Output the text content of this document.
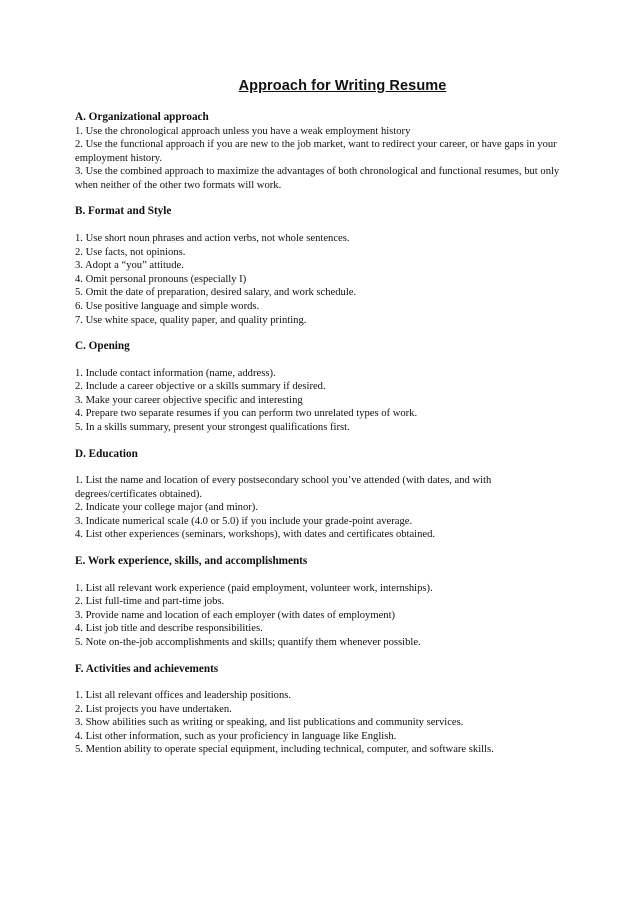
Approach for Writing Resume

A. Organizational approach

1. Use the chronological approach unless you have a weak employment history
2. Use the functional approach if you are new to the job market, want to redirect your career, or have gaps in your employment history.
3. Use the combined approach to maximize the advantages of both chronological and functional resumes, but only when neither of the other two formats will work.

B. Format and Style

1. Use short noun phrases and action verbs, not whole sentences.
2. Use facts, not opinions.
3. Adopt a “you” attitude.
4. Omit personal pronouns (especially I)
5. Omit the date of preparation, desired salary, and work schedule.
6. Use positive language and simple words.
7. Use white space, quality paper, and quality printing.

C. Opening

1. Include contact information (name, address).
2. Include a career objective or a skills summary if desired.
3. Make your career objective specific and interesting
4. Prepare two separate resumes if you can perform two unrelated types of work.
5. In a skills summary, present your strongest qualifications first.

D. Education

1. List the name and location of every postsecondary school you’ve attended (with dates, and with degrees/certificates obtained).
2. Indicate your college major (and minor).
3. Indicate numerical scale (4.0 or 5.0) if you include your grade-point average.
4. List other experiences (seminars, workshops), with dates and certificates obtained.

E. Work experience, skills, and accomplishments

1. List all relevant work experience (paid employment, volunteer work, internships).
2. List full-time and part-time jobs.
3. Provide name and location of each employer (with dates of employment)
4. List job title and describe responsibilities.
5. Note on-the-job accomplishments and skills; quantify them whenever possible.

F. Activities and achievements

1. List all relevant offices and leadership positions.
2. List projects you have undertaken.
3. Show abilities such as writing or speaking, and list publications and community services.
4. List other information, such as your proficiency in language like English.
5. Mention ability to operate special equipment, including technical, computer, and software skills.
